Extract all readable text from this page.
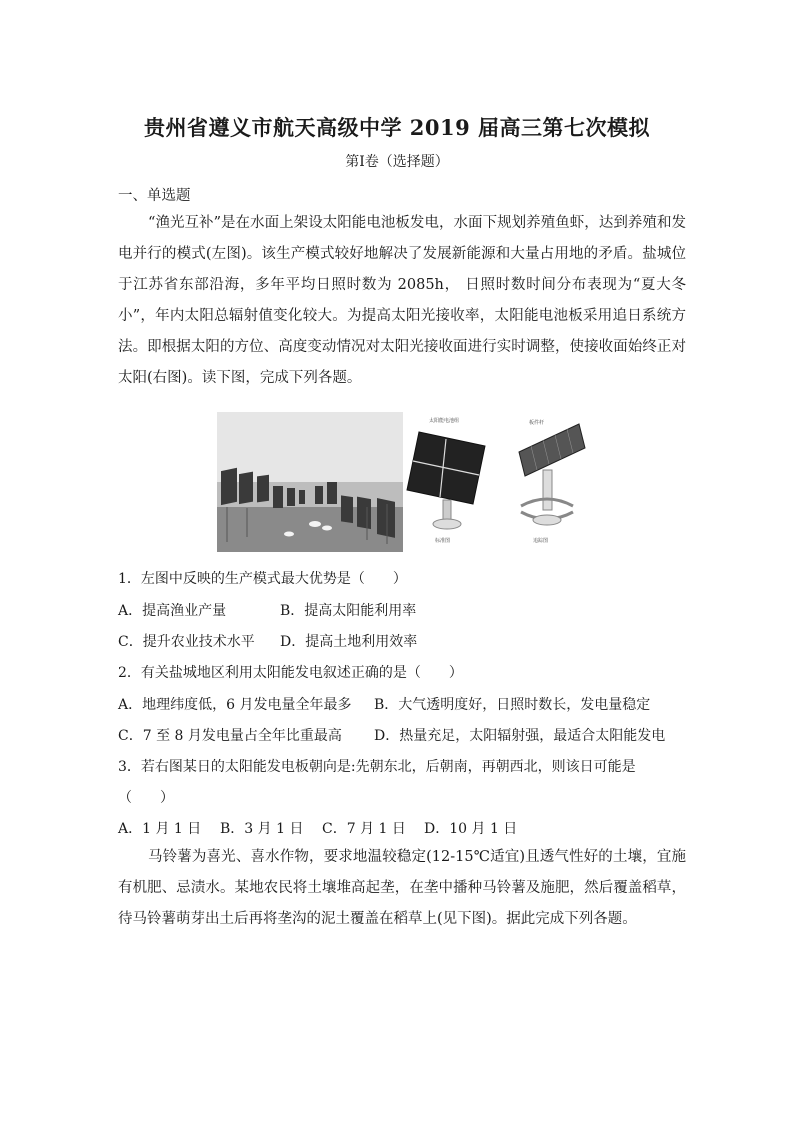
贵州省遵义市航天高级中学 2019 届高三第七次模拟
第Ⅰ卷（选择题）
一、单选题

“渔光互补”是在水面上架设太阳能电池板发电，水面下规划养殖鱼虾，达到养殖和发电并行的模式(左图)。该生产模式较好地解决了发展新能源和大量占用地的矛盾。盐城位于江苏省东部沿海，多年平均日照时数为 2085h， 日照时数时间分布表现为“夏大冬小”，年内太阳总辐射值变化较大。为提高太阳光接收率，太阳能电池板采用追日系统方法。即根据太阳的方位、高度变动情况对太阳光接收面进行实时调整，使接收面始终正对太阳(右图)。读下图，完成下列各题。

太阳能电池组
标准图
板件杆
追踪图
1．左图中反映的生产模式最大优势是（　　）
A．提高渔业产量	B．提高太阳能利用率
C．提升农业技术水平 D．提高土地利用效率
2．有关盐城地区利用太阳能发电叙述正确的是（　　）
A．地理纬度低，6 月发电量全年最多 B．大气透明度好，日照时数长，发电量稳定
C．7 至 8 月发电量占全年比重最高 D．热量充足，太阳辐射强，最适合太阳能发电
3．若右图某日的太阳能发电板朝向是:先朝东北，后朝南，再朝西北，则该日可能是
（　　）
A．1 月 1 日 B．3 月 1 日 C．7 月 1 日 D．10 月 1 日

马铃薯为喜光、喜水作物，要求地温较稳定(12-15℃适宜)且透气性好的土壤，宜施有机肥、忌渍水。某地农民将土壤堆高起垄，在垄中播种马铃薯及施肥，然后覆盖稻草，待马铃薯萌芽出土后再将垄沟的泥土覆盖在稻草上(见下图)。据此完成下列各题。
